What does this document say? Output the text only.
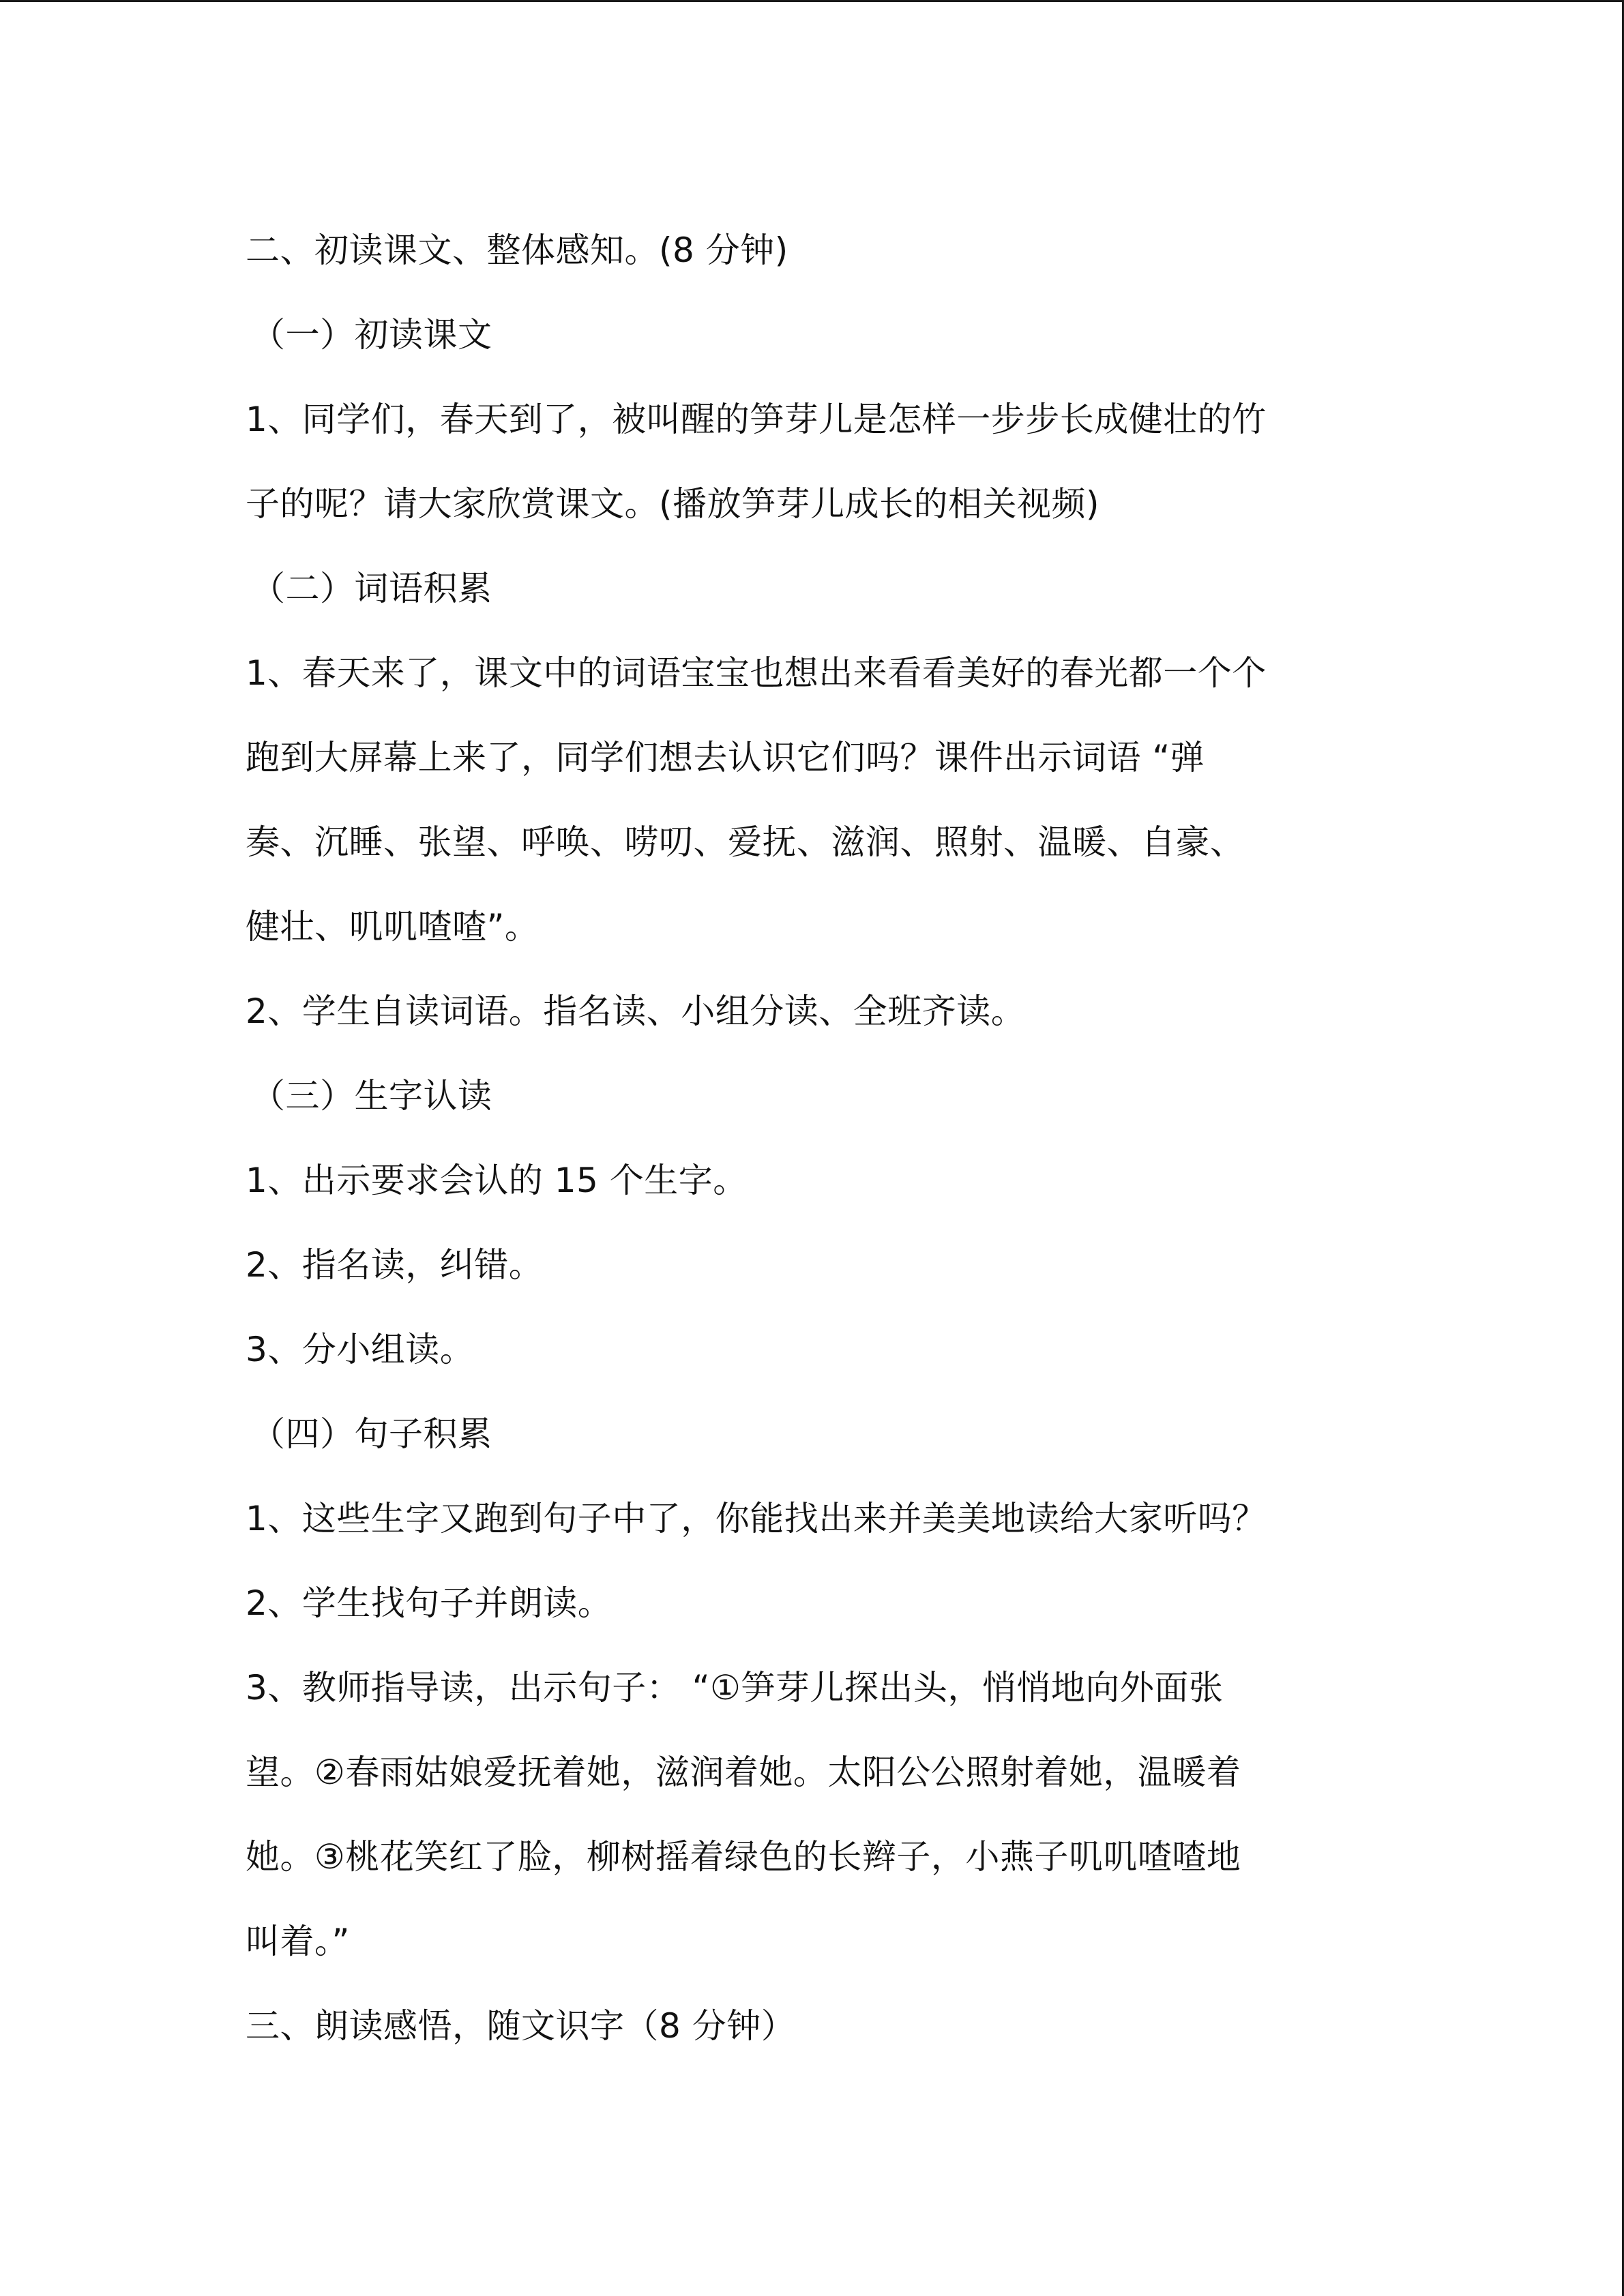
二、初读课文、整体感知。(8 分钟)
（一）初读课文
1、同学们，春天到了，被叫醒的笋芽儿是怎样一步步长成健壮的竹
子的呢？请大家欣赏课文。(播放笋芽儿成长的相关视频)
（二）词语积累
1、春天来了，课文中的词语宝宝也想出来看看美好的春光都一个个
跑到大屏幕上来了，同学们想去认识它们吗？课件出示词语 “弹
奏、沉睡、张望、呼唤、唠叨、爱抚、滋润、照射、温暖、自豪、
健壮、叽叽喳喳”。
2、学生自读词语。指名读、小组分读、全班齐读。
（三）生字认读
1、出示要求会认的 15 个生字。
2、指名读，纠错。
3、分小组读。
（四）句子积累
1、这些生字又跑到句子中了，你能找出来并美美地读给大家听吗？
2、学生找句子并朗读。
3、教师指导读，出示句子： “①笋芽儿探出头，悄悄地向外面张
望。②春雨姑娘爱抚着她，滋润着她。太阳公公照射着她，温暖着
她。③桃花笑红了脸，柳树摇着绿色的长辫子，小燕子叽叽喳喳地
叫着。”
三、朗读感悟，随文识字（8 分钟）
